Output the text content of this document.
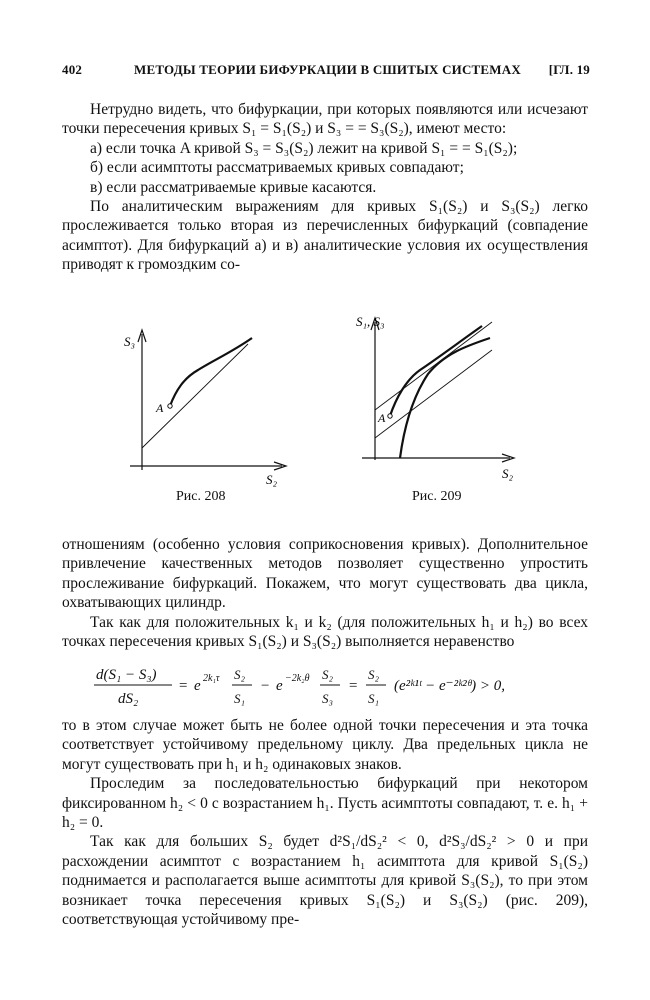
402	МЕТОДЫ ТЕОРИИ БИФУРКАЦИИ В СШИТЫХ СИСТЕМАХ [ГЛ. 19

Нетрудно видеть, что бифуркации, при которых появляются или исчезают точки пересечения кривых S₁ = S₁(S₂) и S₃ = = S₃(S₂), имеют место:

а) если точка A кривой S₃ = S₃(S₂) лежит на кривой S₁ = = S₁(S₂);

б) если асимптоты рассматриваемых кривых совпадают;

в) если рассматриваемые кривые касаются.

По аналитическим выражениям для кривых S₁(S₂) и S₃(S₂) легко прослеживается только вторая из перечисленных бифуркаций (совпадение асимптот). Для бифуркаций а) и в) аналитические условия их осуществления приводят к громоздким со-

S₃
S₂
A
S₁, S₃
S₂
A
Рис. 208	Рис. 209

отношениям (особенно условия соприкосновения кривых). Дополнительное привлечение качественных методов позволяет существенно упростить прослеживание бифуркаций. Покажем, что могут существовать два цикла, охватывающих цилиндр.

Так как для положительных k₁ и k₂ (для положительных h₁ и h₂) во всех точках пересечения кривых S₁(S₂) и S₃(S₂) выполняется неравенство

d(S₁ − S₃)
dS₂
= e 2k₁τ S₂
S₁
− e −2k₂θ S₂
S₃
=
S₂
S₁
(e²ᵏ¹ᵗ − e⁻²ᵏ²ᶿ) > 0,

то в этом случае может быть не более одной точки пересечения и эта точка соответствует устойчивому предельному циклу. Два предельных цикла не могут существовать при h₁ и h₂ одинаковых знаков.

Проследим за последовательностью бифуркаций при некотором фиксированном h₂ < 0 с возрастанием h₁. Пусть асимптоты совпадают, т. е. h₁ + h₂ = 0.

Так как для больших S₂ будет d²S₁/dS₂² < 0, d²S₃/dS₂² > 0 и при расхождении асимптот с возрастанием h₁ асимптота для кривой S₁(S₂) поднимается и располагается выше асимптоты для кривой S₃(S₂), то при этом возникает точка пересечения кривых S₁(S₂) и S₃(S₂) (рис. 209), соответствующая устойчивому пре-
